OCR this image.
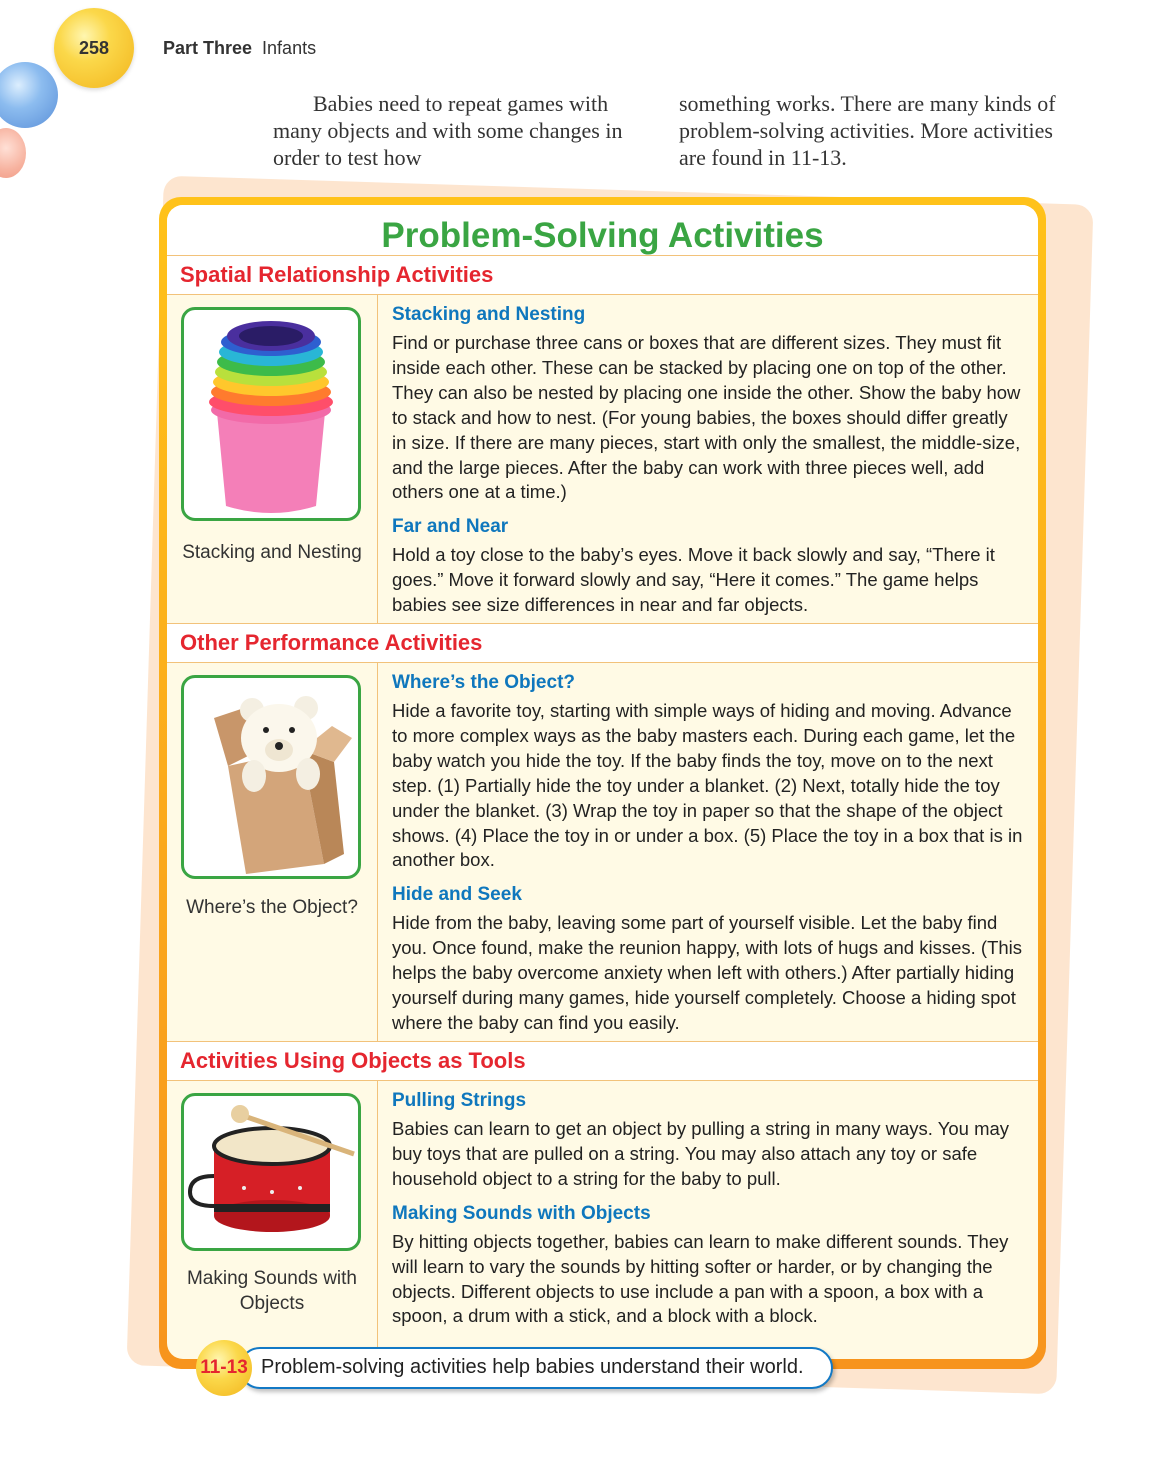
258	Part Three Infants
Babies need to repeat games with many objects and with some changes in order to test how
something works. There are many kinds of problem-solving activities. More activities are found in 11-13.
Problem-Solving Activities
Spatial Relationship Activities
Stacking and Nesting
Stacking and Nesting

Find or purchase three cans or boxes that are different sizes. They must fit inside each other. These can be stacked by placing one on top of the other. They can also be nested by placing one inside the other. Show the baby how to stack and how to nest. (For young babies, the boxes should differ greatly in size. If there are many pieces, start with only the smallest, the middle-size, and the large pieces. After the baby can work with three pieces well, add others one at a time.)

Far and Near

Hold a toy close to the baby’s eyes. Move it back slowly and say, “There it goes.” Move it forward slowly and say, “Here it comes.” The game helps babies see size differences in near and far objects.

Other Performance Activities
Where’s the Object?
Where’s the Object?

Hide a favorite toy, starting with simple ways of hiding and moving. Advance to more complex ways as the baby masters each. During each game, let the baby watch you hide the toy. If the baby finds the toy, move on to the next step. (1) Partially hide the toy under a blanket. (2) Next, totally hide the toy under the blanket. (3) Wrap the toy in paper so that the shape of the object shows. (4) Place the toy in or under a box. (5) Place the toy in a box that is in another box.

Hide and Seek

Hide from the baby, leaving some part of yourself visible. Let the baby find you. Once found, make the reunion happy, with lots of hugs and kisses. (This helps the baby overcome anxiety when left with others.) After partially hiding yourself during many games, hide yourself completely. Choose a hiding spot where the baby can find you easily.

Activities Using Objects as Tools
Making Sounds with Objects
Pulling Strings

Babies can learn to get an object by pulling a string in many ways. You may buy toys that are pulled on a string. You may also attach any toy or safe household object to a string for the baby to pull.

Making Sounds with Objects

By hitting objects together, babies can learn to make different sounds. They will learn to vary the sounds by hitting softer or harder, or by changing the objects. Different objects to use include a pan with a spoon, a box with a spoon, a drum with a stick, and a block with a block.

Problem-solving activities help babies understand their world.
11-13
